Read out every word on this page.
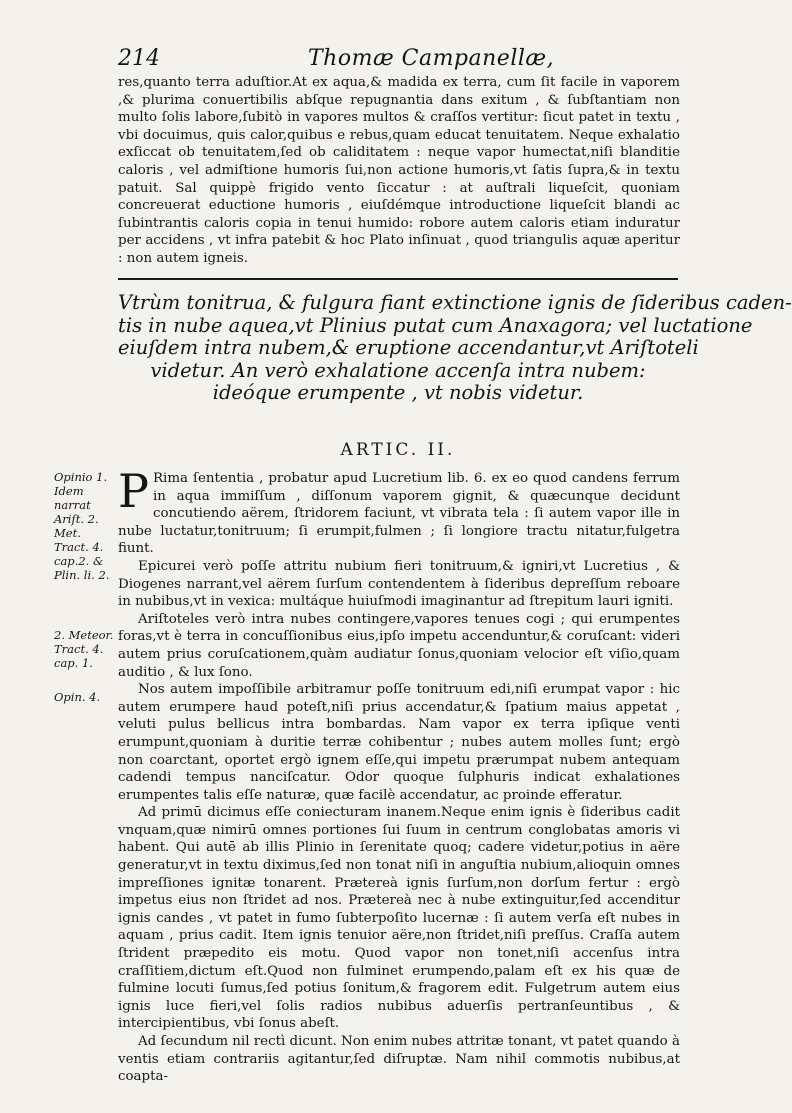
214	Thomæ Campanellæ,

res,quanto terra aduſtior.At ex aqua,& madida ex terra, cum ſit facile in vaporem ,& plurima conuertibilis abſque repugnantia dans exitum , & ſubſtantiam non multo ſolis labore,ſubitò in vapores multos & craſſos vertitur: ſicut patet in textu , vbi docuimus, quis calor,quibus e rebus,quam educat tenuitatem. Neque exhalatio exſiccat ob tenuitatem,ſed ob caliditatem : neque vapor humectat,niſi blanditie caloris , vel admiſtione humoris ſui,non actione humoris,vt ſatis ſupra,& in textu patuit. Sal quippè frigido vento ſiccatur : at auſtrali liqueſcit, quoniam concreuerat eductione humoris , eiuſdémque introductione liqueſcit blandi ac ſubintrantis caloris copia in tenui humido: robore autem caloris etiam induratur per accidens , vt infra patebit & hoc Plato inſinuat , quod triangulis aquæ aperitur : non autem igneis.

Vtrùm tonitrua, & fulgura fiant extinctione ignis de ſideribus caden-
tis in nube aquea,vt Plinius putat cum Anaxagora; vel luctatione
eiuſdem intra nubem,& eruptione accendantur,vt Ariſtoteli
videtur. An verò exhalatione accenſa intra nubem:
ideóque erumpente , vt nobis videtur.
ARTIC. II.

Opinio 1. Idem narrat Ariſt. 2. Met. Tract. 4. cap.2. & Plin. li. 2.

2. Meteor. Tract. 4. cap. 1.

Opin. 4.

P Rima ſententia , probatur apud Lucretium lib. 6. ex eo quod candens ferrum in aqua immiſſum , diſſonum vaporem gignit, & quæcunque decidunt concutiendo aërem, ſtridorem faciunt, vt vibrata tela : ſi autem vapor ille in nube luctatur,tonitruum; ſi erumpit,fulmen ; ſi longiore tractu nitatur,fulgetra fiunt.

Epicurei verò poſſe attritu nubium fieri tonitruum,& igniri,vt Lucretius , & Diogenes narrant,vel aërem ſurſum contendentem à ſideribus depreſſum reboare in nubibus,vt in vexica: multáque huiuſmodi imaginantur ad ſtrepitum lauri igniti.

Ariſtoteles verò intra nubes contingere,vapores tenues cogi ; qui erumpentes foras,vt è terra in concuſſionibus eius,ipſo impetu accenduntur,& coruſcant: videri autem prius coruſcationem,quàm audiatur ſonus,quoniam velocior eſt viſio,quam auditio , & lux ſono.

Nos autem impoſſibile arbitramur poſſe tonitruum edi,niſi erumpat vapor : hic autem erumpere haud poteſt,niſi prius accendatur,& ſpatium maius appetat , veluti pulus bellicus intra bombardas. Nam vapor ex terra ipſique venti erumpunt,quoniam à duritie terræ cohibentur ; nubes autem molles ſunt; ergò non coarctant, oportet ergò ignem eſſe,qui impetu prærumpat nubem antequam cadendi tempus nanciſcatur. Odor quoque ſulphuris indicat exhalationes erumpentes talis eſſe naturæ, quæ facilè accendatur, ac proinde efferatur.

Ad primū dicimus eſſe coniecturam inanem.Neque enim ignis è ſideribus cadit vnquam,quæ nimirū omnes portiones ſui ſuum in centrum conglobatas amoris vi habent. Qui autē ab illis Plinio in ſerenitate quoq; cadere videtur,potius in aëre generatur,vt in textu diximus,ſed non tonat niſi in anguſtia nubium,alioquin omnes impreſſiones ignitæ tonarent. Prætereà ignis ſurſum,non dorſum fertur : ergò impetus eius non ſtridet ad nos. Prætereà nec à nube extinguitur,ſed accenditur ignis candes , vt patet in fumo ſubterpoſito lucernæ : ſi autem verſa eſt nubes in aquam , prius cadit. Item ignis tenuior aëre,non ſtridet,niſi preſſus. Craſſa autem ſtrident præpedito eis motu. Quod vapor non tonet,niſi accenſus intra craſſitiem,dictum eſt.Quod non fulminet erumpendo,palam eſt ex his quæ de fulmine locuti ſumus,ſed potius ſonitum,& fragorem edit. Fulgetrum autem eius ignis luce fieri,vel ſolis radios nubibus aduerſis pertranſeuntibus , & intercipientibus, vbi ſonus abeſt.

Ad ſecundum nil rectì dicunt. Non enim nubes attritæ tonant, vt patet quando à ventis etiam contrariis agitantur,ſed diſruptæ. Nam nihil commotis nubibus,at coapta-
